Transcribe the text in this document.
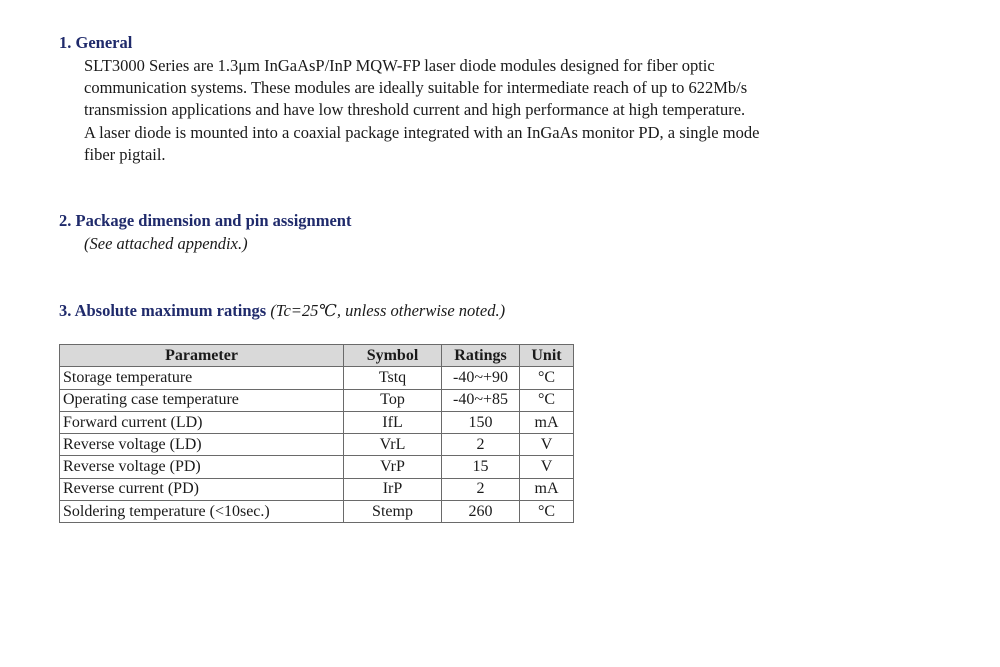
1. General
SLT3000 Series are 1.3μm InGaAsP/InP MQW-FP laser diode modules designed for fiber optic
communication systems. These modules are ideally suitable for intermediate reach of up to 622Mb/s
transmission applications and have low threshold current and high performance at high temperature.
A laser diode is mounted into a coaxial package integrated with an InGaAs monitor PD, a single mode
fiber pigtail.
2. Package dimension and pin assignment
(See attached appendix.)
3. Absolute maximum ratings (Tc=25℃, unless otherwise noted.)
Parameter	Symbol	Ratings	Unit
Storage temperature	Tstq	-40~+90	°C
Operating case temperature	Top	-40~+85	°C
Forward current (LD)	IfL	150	mA
Reverse voltage (LD)	VrL	2	V
Reverse voltage (PD)	VrP	15	V
Reverse current (PD)	IrP	2	mA
Soldering temperature (<10sec.)	Stemp	260	°C
